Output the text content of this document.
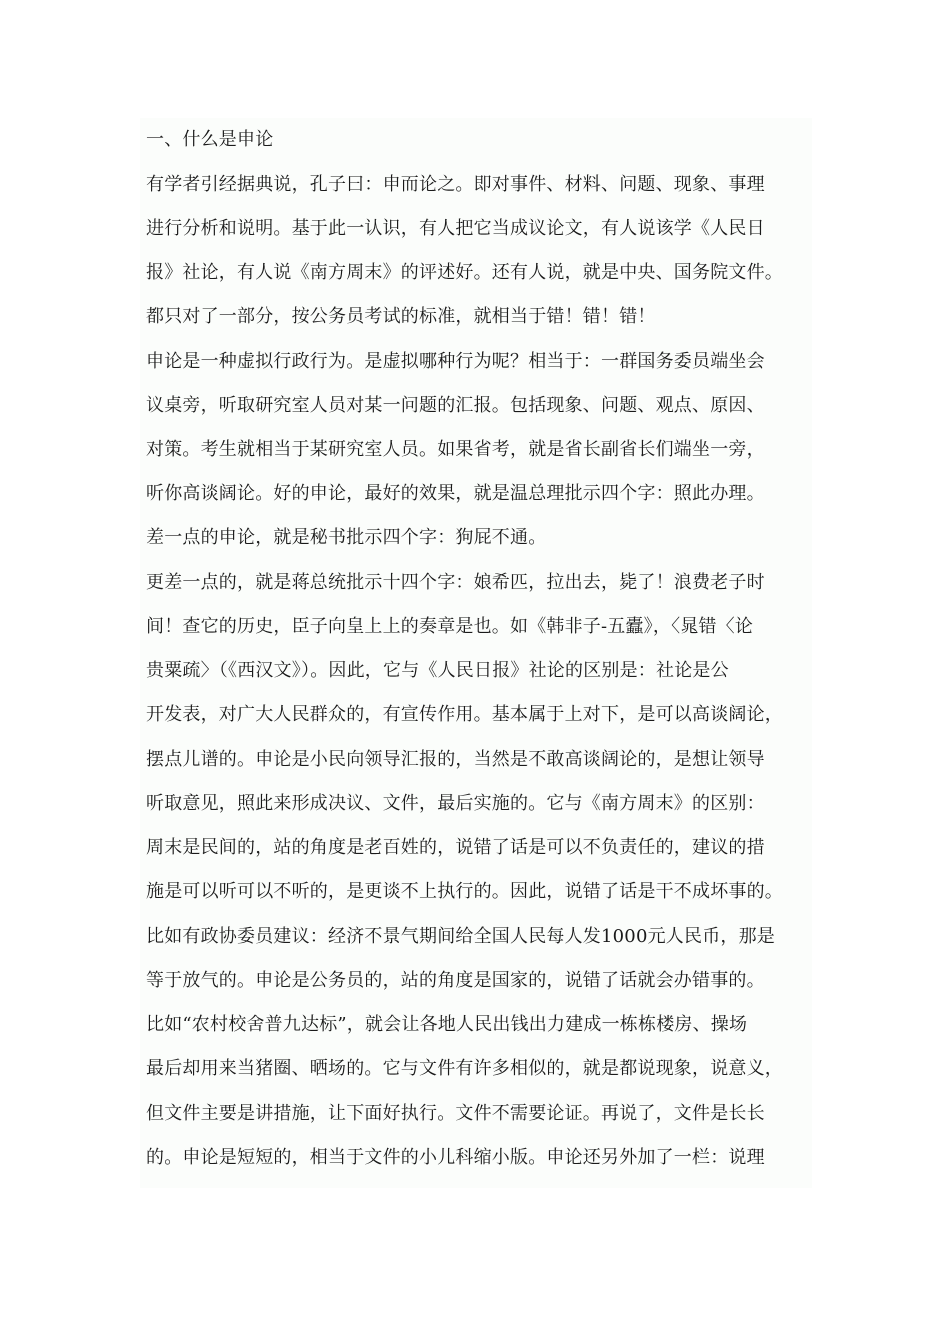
一、什么是申论
有学者引经据典说，孔子曰：申而论之。即对事件、材料、问题、现象、事理
进行分析和说明。基于此一认识，有人把它当成议论文，有人说该学《人民日
报》社论，有人说《南方周末》的评述好。还有人说，就是中央、国务院文件。
都只对了一部分，按公务员考试的标准，就相当于错！错！错！
申论是一种虚拟行政行为。是虚拟哪种行为呢？相当于：一群国务委员端坐会
议桌旁，听取研究室人员对某一问题的汇报。包括现象、问题、观点、原因、
对策。考生就相当于某研究室人员。如果省考，就是省长副省长们端坐一旁，
听你高谈阔论。好的申论，最好的效果，就是温总理批示四个字：照此办理。
差一点的申论，就是秘书批示四个字：狗屁不通。
更差一点的，就是蒋总统批示十四个字：娘希匹，拉出去，毙了！浪费老子时
间！查它的历史，臣子向皇上上的奏章是也。如《韩非子-五蠹》，〈晁错〈论
贵粟疏〉（《西汉文》）。因此，它与《人民日报》社论的区别是：社论是公
开发表，对广大人民群众的，有宣传作用。基本属于上对下，是可以高谈阔论，
摆点儿谱的。申论是小民向领导汇报的，当然是不敢高谈阔论的，是想让领导
听取意见，照此来形成决议、文件，最后实施的。它与《南方周末》的区别：
周末是民间的，站的角度是老百姓的，说错了话是可以不负责任的，建议的措
施是可以听可以不听的，是更谈不上执行的。因此，说错了话是干不成坏事的。
比如有政协委员建议：经济不景气期间给全国人民每人发1000元人民币，那是
等于放气的。申论是公务员的，站的角度是国家的，说错了话就会办错事的。
比如“农村校舍普九达标”，就会让各地人民出钱出力建成一栋栋楼房、操场
最后却用来当猪圈、晒场的。它与文件有许多相似的，就是都说现象，说意义，
但文件主要是讲措施，让下面好执行。文件不需要论证。再说了，文件是长长
的。申论是短短的，相当于文件的小儿科缩小版。申论还另外加了一栏：说理
